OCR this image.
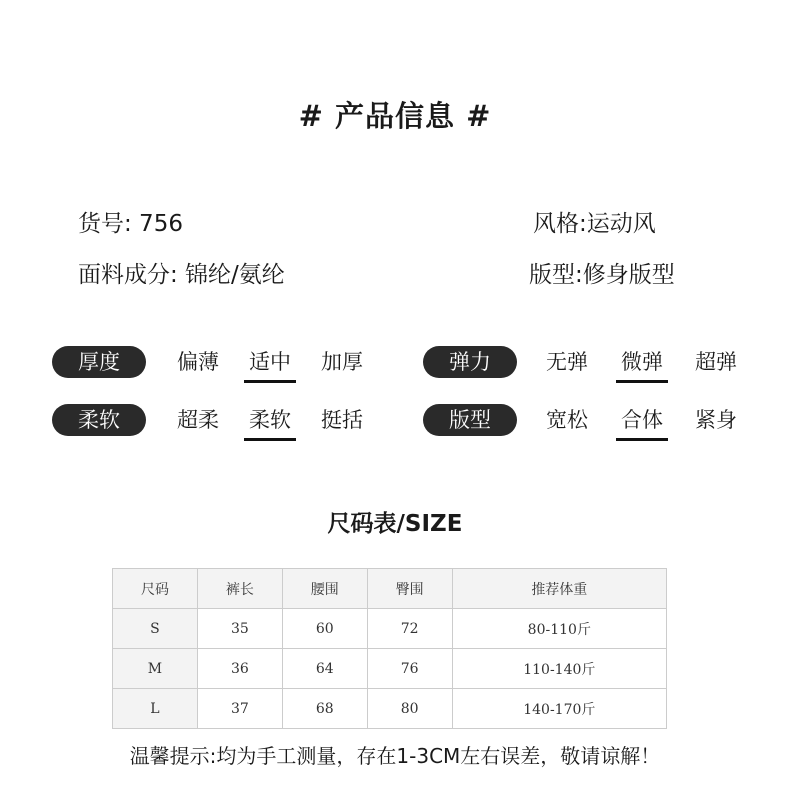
# 产品信息 #
货号: 756	风格:运动风
面料成分: 锦纶/氨纶	版型:修身版型
厚度	偏薄 适中 加厚	弹力	无弹 微弹 超弹
柔软	超柔 柔软 挺括	版型	宽松 合体 紧身
尺码表/SIZE
尺码	裤长	腰围	臀围	推荐体重
S	35	60	72	80-110斤
M	36	64	76	110-140斤
L	37	68	80	140-170斤
温馨提示:均为手工测量，存在1-3CM左右误差，敬请谅解！
